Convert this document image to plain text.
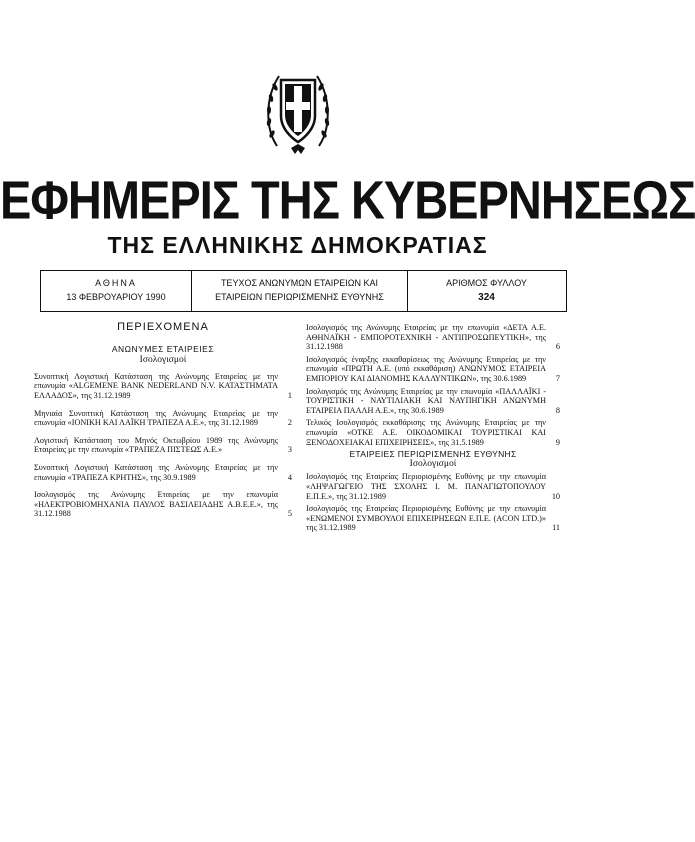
ΕΦΗΜΕΡΙΣ ΤΗΣ ΚΥΒΕΡΝΗΣΕΩΣ
ΤΗΣ ΕΛΛΗΝΙΚΗΣ ΔΗΜΟΚΡΑΤΙΑΣ
ΑΘΗΝΑ
13 ΦΕΒΡΟΥΑΡΙΟΥ 1990
ΤΕΥΧΟΣ ΑΝΩΝΥΜΩΝ ΕΤΑΙΡΕΙΩΝ ΚΑΙ
ΕΤΑΙΡΕΙΩΝ ΠΕΡΙΩΡΙΣΜΕΝΗΣ ΕΥΘΥΝΗΣ
ΑΡΙΘΜΟΣ ΦΥΛΛΟΥ
324
ΠΕΡΙΕΧΟΜΕΝΑ
ΑΝΩΝΥΜΕΣ ΕΤΑΙΡΕΙΕΣ
Ισολογισμοί
Συνοπτική Λογιστική Κατάσταση της Ανώνυμης Εταιρείας με την επωνυμία «ALGEMENE BANK NEDERLAND N.V. ΚΑΤΑΣΤΗΜΑΤΑ ΕΛΛΑΔΟΣ», της 31.12.1989	1
Μηνιαία Συνοπτική Κατάσταση της Ανώνυμης Εταιρείας με την επωνυμία «ΙΟΝΙΚΗ ΚΑΙ ΛΑΪΚΗ ΤΡΑΠΕΖΑ Α.Ε.», της 31.12.1989	2
Λογιστική Κατάσταση του Μηνός Οκτωβρίου 1989 της Ανώνυμης Εταιρείας με την επωνυμία «ΤΡΑΠΕΖΑ ΠΙΣΤΕΩΣ Α.Ε.»	3
Συνοπτική Λογιστική Κατάσταση της Ανώνυμης Εταιρείας με την επωνυμία «ΤΡΑΠΕΖΑ ΚΡΗΤΗΣ», της 30.9.1989	4
Ισολογισμός της Ανώνυμης Εταιρείας με την επωνυμία «ΗΛΕΚΤΡΟΒΙΟΜΗΧΑΝΙΑ ΠΑΥΛΟΣ ΒΑΣΙΛΕΙΑΔΗΣ Α.Β.Ε.Ε.», της 31.12.1988	5
Ισολογισμός της Ανώνυμης Εταιρείας με την επωνυμία «ΔΕΤΑ Α.Ε. ΑΘΗΝΑΪΚΗ - ΕΜΠΟΡΟΤΕΧΝΙΚΗ - ΑΝΤΙΠΡΟΣΩΠΕΥΤΙΚΗ», της 31.12.1988	6
Ισολογισμός έναρξης εκκαθαρίσεως της Ανώνυμης Εταιρείας με την επωνυμία «ΠΡΩΤΗ Α.Ε. (υπό εκκαθάριση) ΑΝΩΝΥΜΟΣ ΕΤΑΙΡΕΙΑ ΕΜΠΟΡΙΟΥ ΚΑΙ ΔΙΑΝΟΜΗΣ ΚΑΛΛΥΝΤΙΚΩΝ», της 30.6.1989	7
Ισολογισμός της Ανώνυμης Εταιρείας με την επωνυμία «ΠΑΛΛΑΪΚΙ - ΤΟΥΡΙΣΤΙΚΗ - ΝΑΥΤΙΛΙΑΚΗ ΚΑΙ ΝΑΥΠΗΓΙΚΗ ΑΝΩΝΥΜΗ ΕΤΑΙΡΕΙΑ ΠΑΛΛΗ Α.Ε.», της 30.6.1989	8
Τελικός Ισολογισμός εκκαθάρισης της Ανώνυμης Εταιρείας με την επωνυμία «ΟΤΚΕ Α.Ε. ΟΙΚΟΔΟΜΙΚΑΙ ΤΟΥΡΙΣΤΙΚΑΙ ΚΑΙ ΞΕΝΟΔΟΧΕΙΑΚΑΙ ΕΠΙΧΕΙΡΗΣΕΙΣ», της 31.5.1989	9
ΕΤΑΙΡΕΙΕΣ ΠΕΡΙΩΡΙΣΜΕΝΗΣ ΕΥΘΥΝΗΣ
Ισολογισμοί
Ισολογισμός της Εταιρείας Περιορισμένης Ευθύνης με την επωνυμία «ΛΗΨΑΓΩΓΕΙΟ ΤΗΣ ΣΧΟΛΗΣ Ι. Μ. ΠΑΝΑΓΙΩΤΟΠΟΥΛΟΥ Ε.Π.Ε.», της 31.12.1989	10
Ισολογισμός της Εταιρείας Περιορισμένης Ευθύνης με την επωνυμία «ΕΝΩΜΕΝΟΙ ΣΥΜΒΟΥΛΟΙ ΕΠΙΧΕΙΡΗΣΕΩΝ Ε.Π.Ε. (ACON LTD.)» της 31.12.1989	11
